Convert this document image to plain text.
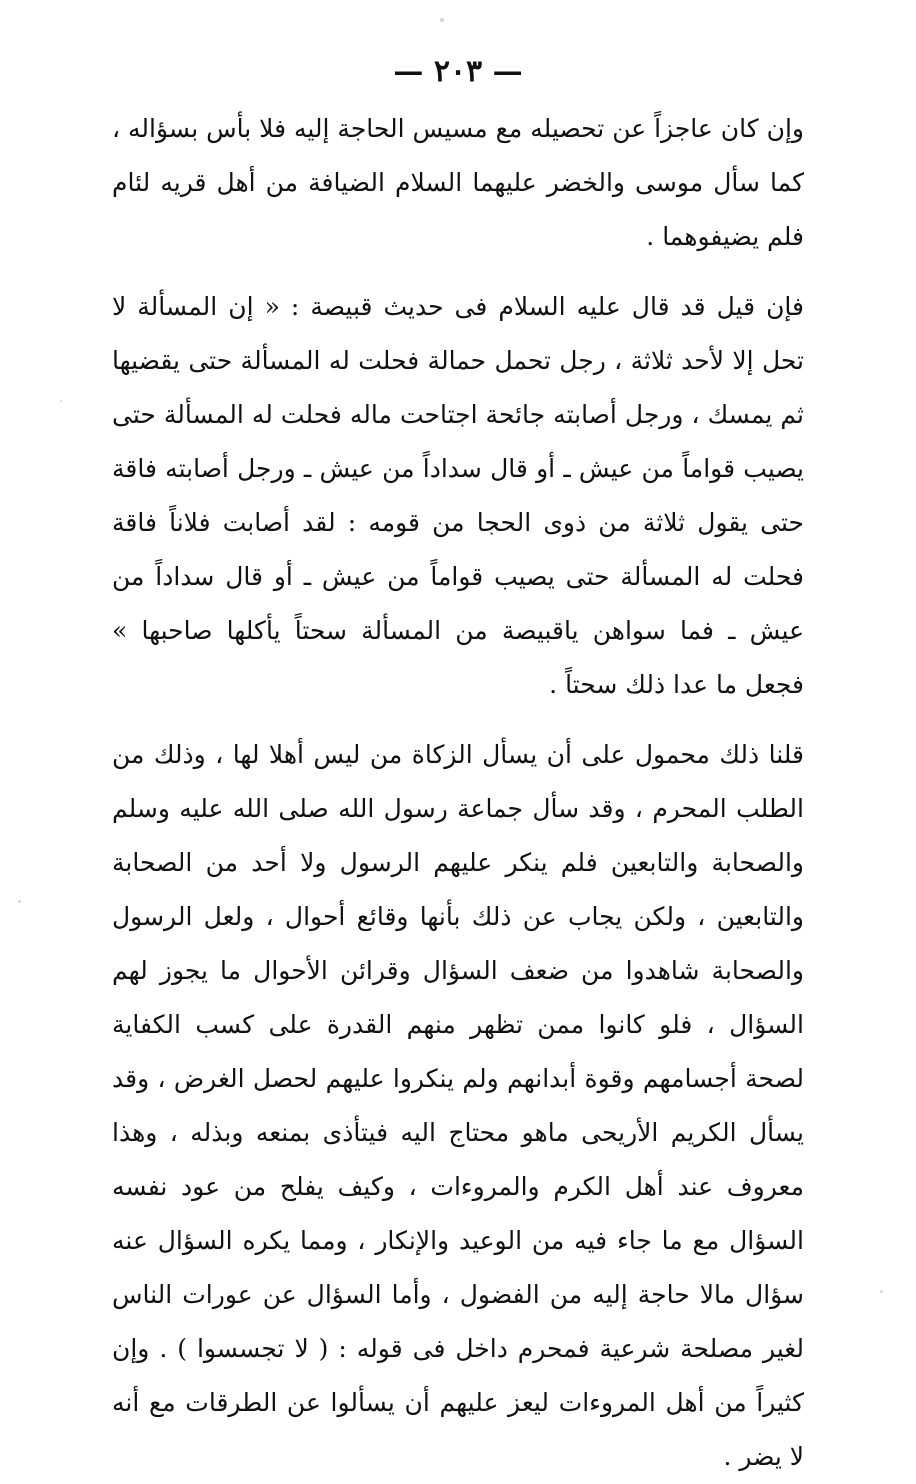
— ٢٠٣ —

وإن كان عاجزاً عن تحصيله مع مسيس الحاجة إليه فلا بأس بسؤاله ، كما سأل موسى والخضر عليهما السلام الضيافة من أهل قريه لئام فلم يضيفوهما .

فإن قيل قد قال عليه السلام فى حديث قبيصة : « إن المسألة لا تحل إلا لأحد ثلاثة ، رجل تحمل حمالة فحلت له المسألة حتى يقضيها ثم يمسك ، ورجل أصابته جائحة اجتاحت ماله فحلت له المسألة حتى يصيب قواماً من عيش ـ أو قال سداداً من عيش ـ ورجل أصابته فاقة حتى يقول ثلاثة من ذوى الحجا من قومه : لقد أصابت فلاناً فاقة فحلت له المسألة حتى يصيب قواماً من عيش ـ أو قال سداداً من عيش ـ فما سواهن ياقبيصة من المسألة سحتاً يأكلها صاحبها » فجعل ما عدا ذلك سحتاً .

قلنا ذلك محمول على أن يسأل الزكاة من ليس أهلا لها ، وذلك من الطلب المحرم ، وقد سأل جماعة رسول الله صلى الله عليه وسلم والصحابة والتابعين فلم ينكر عليهم الرسول ولا أحد من الصحابة والتابعين ، ولكن يجاب عن ذلك بأنها وقائع أحوال ، ولعل الرسول والصحابة شاهدوا من ضعف السؤال وقرائن الأحوال ما يجوز لهم السؤال ، فلو كانوا ممن تظهر منهم القدرة على كسب الكفاية لصحة أجسامهم وقوة أبدانهم ولم ينكروا عليهم لحصل الغرض ، وقد يسأل الكريم الأريحى ماهو محتاج اليه فيتأذى بمنعه وبذله ، وهذا معروف عند أهل الكرم والمروءات ، وكيف يفلح من عود نفسه السؤال مع ما جاء فيه من الوعيد والإنكار ، ومما يكره السؤال عنه سؤال مالا حاجة إليه من الفضول ، وأما السؤال عن عورات الناس لغير مصلحة شرعية فمحرم داخل فى قوله : ( لا تجسسوا ) . وإن كثيراً من أهل المروءات ليعز عليهم أن يسألوا عن الطرقات مع أنه لا يضر .
